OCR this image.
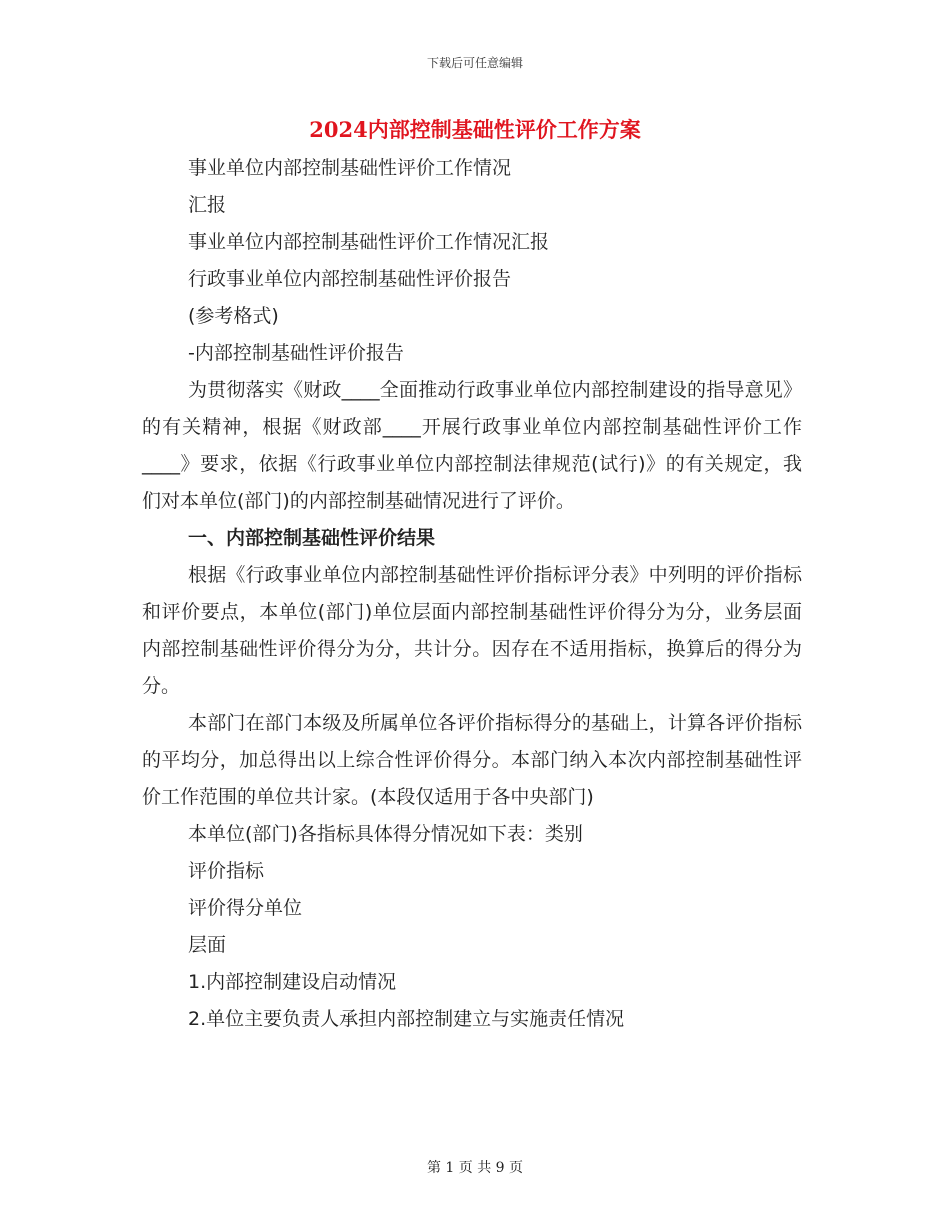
下载后可任意编辑
2024内部控制基础性评价工作方案

事业单位内部控制基础性评价工作情况

汇报

事业单位内部控制基础性评价工作情况汇报

行政事业单位内部控制基础性评价报告

(参考格式)

-内部控制基础性评价报告

为贯彻落实《财政____全面推动行政事业单位内部控制建设的指导意见》的有关精神，根据《财政部____开展行政事业单位内部控制基础性评价工作____》要求，依据《行政事业单位内部控制法律规范(试行)》的有关规定，我们对本单位(部门)的内部控制基础情况进行了评价。

一、内部控制基础性评价结果

根据《行政事业单位内部控制基础性评价指标评分表》中列明的评价指标和评价要点，本单位(部门)单位层面内部控制基础性评价得分为分，业务层面内部控制基础性评价得分为分，共计分。因存在不适用指标，换算后的得分为分。

本部门在部门本级及所属单位各评价指标得分的基础上，计算各评价指标的平均分，加总得出以上综合性评价得分。本部门纳入本次内部控制基础性评价工作范围的单位共计家。(本段仅适用于各中央部门)

本单位(部门)各指标具体得分情况如下表：类别

评价指标

评价得分单位

层面

1.内部控制建设启动情况

2.单位主要负责人承担内部控制建立与实施责任情况

第 1 页 共 9 页
